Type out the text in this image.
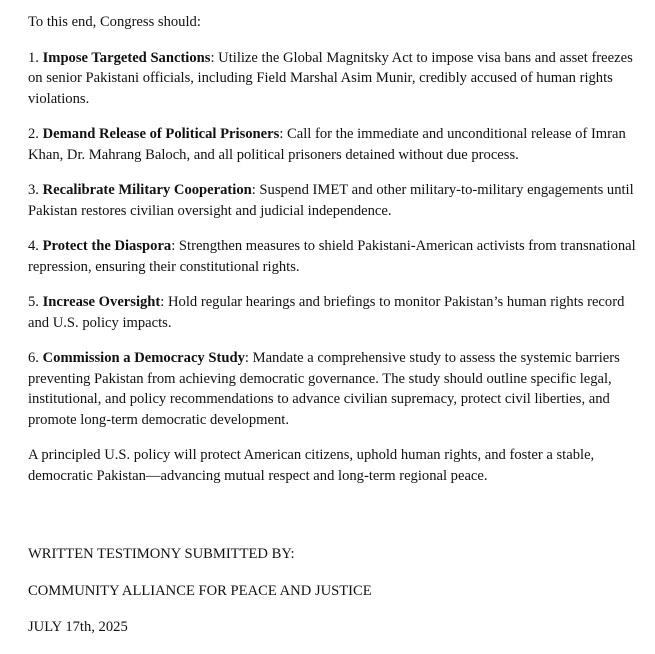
To this end, Congress should:

1. Impose Targeted Sanctions: Utilize the Global Magnitsky Act to impose visa bans and asset freezes on senior Pakistani officials, including Field Marshal Asim Munir, credibly accused of human rights violations.

2. Demand Release of Political Prisoners: Call for the immediate and unconditional release of Imran Khan, Dr. Mahrang Baloch, and all political prisoners detained without due process.

3. Recalibrate Military Cooperation: Suspend IMET and other military-to-military engagements until Pakistan restores civilian oversight and judicial independence.

4. Protect the Diaspora: Strengthen measures to shield Pakistani-American activists from transnational repression, ensuring their constitutional rights.

5. Increase Oversight: Hold regular hearings and briefings to monitor Pakistan’s human rights record and U.S. policy impacts.

6. Commission a Democracy Study: Mandate a comprehensive study to assess the systemic barriers preventing Pakistan from achieving democratic governance. The study should outline specific legal, institutional, and policy recommendations to advance civilian supremacy, protect civil liberties, and promote long-term democratic development.

A principled U.S. policy will protect American citizens, uphold human rights, and foster a stable, democratic Pakistan—advancing mutual respect and long-term regional peace.

WRITTEN TESTIMONY SUBMITTED BY:

COMMUNITY ALLIANCE FOR PEACE AND JUSTICE

JULY 17th, 2025
